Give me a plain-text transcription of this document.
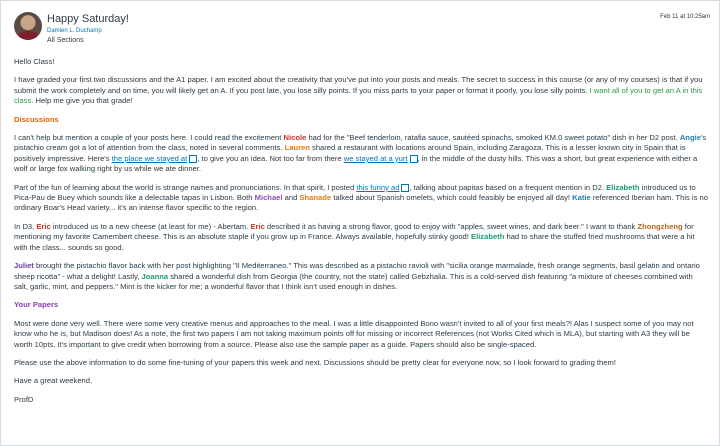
Happy Saturday!
Damien L. Duchamp
All Sections
Feb 11 at 10:25am

Hello Class!

I have graded your first two discussions and the A1 paper. I am excited about the creativity that you've put into your posts and meals. The secret to success in this course (or any of my courses) is that if you submit the work completely and on time, you will likely get an A. If you post late, you lose silly points. If you miss parts to your paper or format it poorly, you lose silly points. I want all of you to get an A in this class. Help me give you that grade!

Discussions

I can't help but mention a couple of your posts here. I could read the excitement Nicole had for the "Beef tenderloin, ratafia sauce, sautéed spinachs, smoked KM.0 sweet potato" dish in her D2 post. Angie's pistachio cream got a lot of attention from the class, noted in several comments. Lauren shared a restaurant with locations around Spain, including Zaragoza. This is a lesser known city in Spain that is positively impressive. Here's the place we stayed at , to give you an idea. Not too far from there we stayed at a yurt , in the middle of the dusty hills. This was a short, but great experience with either a wolf or large fox walking right by us while we ate dinner.

Part of the fun of learning about the world is strange names and pronunciations. In that spirit, I posted this funny ad , talking about papitas based on a frequent mention in D2. Elizabeth introduced us to Pica-Pau de Buey which sounds like a delectable tapas in Lisbon. Both Michael and Shanade talked about Spanish omelets, which could feasibly be enjoyed all day! Katie referenced Iberian ham. This is no ordinary Boar's Head variety... it's an intense flavor specific to the region.

In D3, Eric introduced us to a new cheese (at least for me) - Abertam. Eric described it as having a strong flavor, good to enjoy with "apples, sweet wines, and dark beer." I want to thank Zhongzheng for mentioning my favorite Camembert cheese. This is an absolute staple if you grow up in France. Always available, hopefully stinky good! Elizabeth had to share the stuffed fried mushrooms that were a hit with the class... sounds so good.

Juliet brought the pistachio flavor back with her post highlighting "Il Mediterraneo." This was described as a pistachio ravioli with "sicilia orange marmalade, fresh orange segments, basil gelatin and ontario sheep ricotta" - what a delight! Lastly, Joanna shared a wonderful dish from Georgia (the country, not the state) called Gebzhalia. This is a cold-served dish featuring "a mixture of cheeses combined with salt, garlic, mint, and peppers." Mint is the kicker for me; a wonderful flavor that I think isn't used enough in dishes.

Your Papers

Most were done very well. There were some very creative menus and approaches to the meal. I was a little disappointed Bono wasn't invited to all of your first meals?! Alas I suspect some of you may not know who he is, but Madison does! As a note, the first two papers I am not taking maximum points off for missing or incorrect References (not Works Cited which is MLA), but starting with A3 they will be worth 10pts. It's important to give credit when borrowing from a source. Please also use the sample paper as a guide. Papers should also be single-spaced.

Please use the above information to do some fine-tuning of your papers this week and next. Discussions should be pretty clear for everyone now, so I look forward to grading them!

Have a great weekend,

ProfD
